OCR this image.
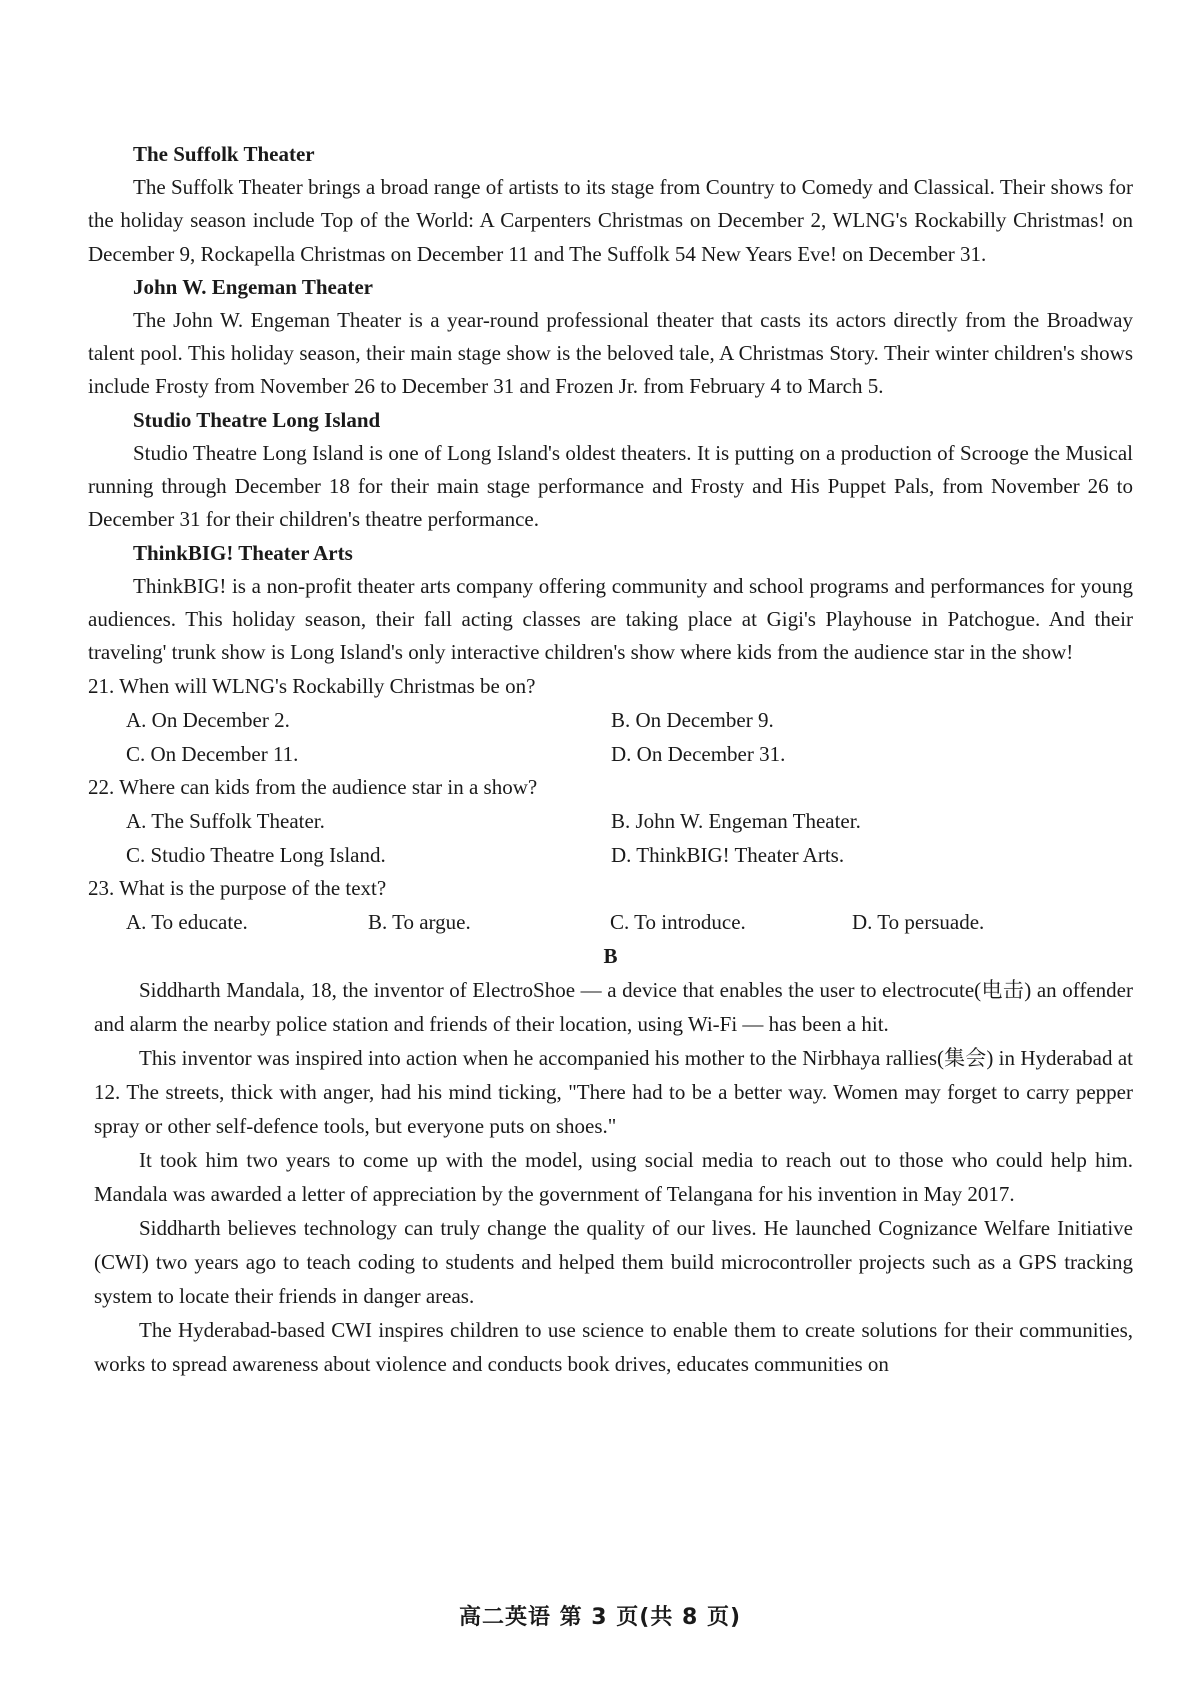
The Suffolk Theater

The Suffolk Theater brings a broad range of artists to its stage from Country to Comedy and Classical. Their shows for the holiday season include Top of the World: A Carpenters Christmas on December 2, WLNG's Rockabilly Christmas! on December 9, Rockapella Christmas on December 11 and The Suffolk 54 New Years Eve! on December 31.

John W. Engeman Theater

The John W. Engeman Theater is a year-round professional theater that casts its actors directly from the Broadway talent pool. This holiday season, their main stage show is the beloved tale, A Christmas Story. Their winter children's shows include Frosty from November 26 to December 31 and Frozen Jr. from February 4 to March 5.

Studio Theatre Long Island

Studio Theatre Long Island is one of Long Island's oldest theaters. It is putting on a production of Scrooge the Musical running through December 18 for their main stage performance and Frosty and His Puppet Pals, from November 26 to December 31 for their children's theatre performance.

ThinkBIG! Theater Arts

ThinkBIG! is a non-profit theater arts company offering community and school programs and performances for young audiences. This holiday season, their fall acting classes are taking place at Gigi's Playhouse in Patchogue. And their traveling' trunk show is Long Island's only interactive children's show where kids from the audience star in the show!

21. When will WLNG's Rockabilly Christmas be on?
A. On December 2.	B. On December 9.
C. On December 11.	D. On December 31.
22. Where can kids from the audience star in a show?
A. The Suffolk Theater.	B. John W. Engeman Theater.
C. Studio Theatre Long Island.	D. ThinkBIG! Theater Arts.
23. What is the purpose of the text?
A. To educate.	B. To argue.	C. To introduce.	D. To persuade.
B

Siddharth Mandala, 18, the inventor of ElectroShoe — a device that enables the user to electrocute(电击) an offender and alarm the nearby police station and friends of their location, using Wi-Fi — has been a hit.

This inventor was inspired into action when he accompanied his mother to the Nirbhaya rallies(集会) in Hyderabad at 12. The streets, thick with anger, had his mind ticking, "There had to be a better way. Women may forget to carry pepper spray or other self-defence tools, but everyone puts on shoes."

It took him two years to come up with the model, using social media to reach out to those who could help him. Mandala was awarded a letter of appreciation by the government of Telangana for his invention in May 2017.

Siddharth believes technology can truly change the quality of our lives. He launched Cognizance Welfare Initiative (CWI) two years ago to teach coding to students and helped them build microcontroller projects such as a GPS tracking system to locate their friends in danger areas.

The Hyderabad-based CWI inspires children to use science to enable them to create solutions for their communities, works to spread awareness about violence and conducts book drives, educates communities on

高二英语 第 3 页(共 8 页)
